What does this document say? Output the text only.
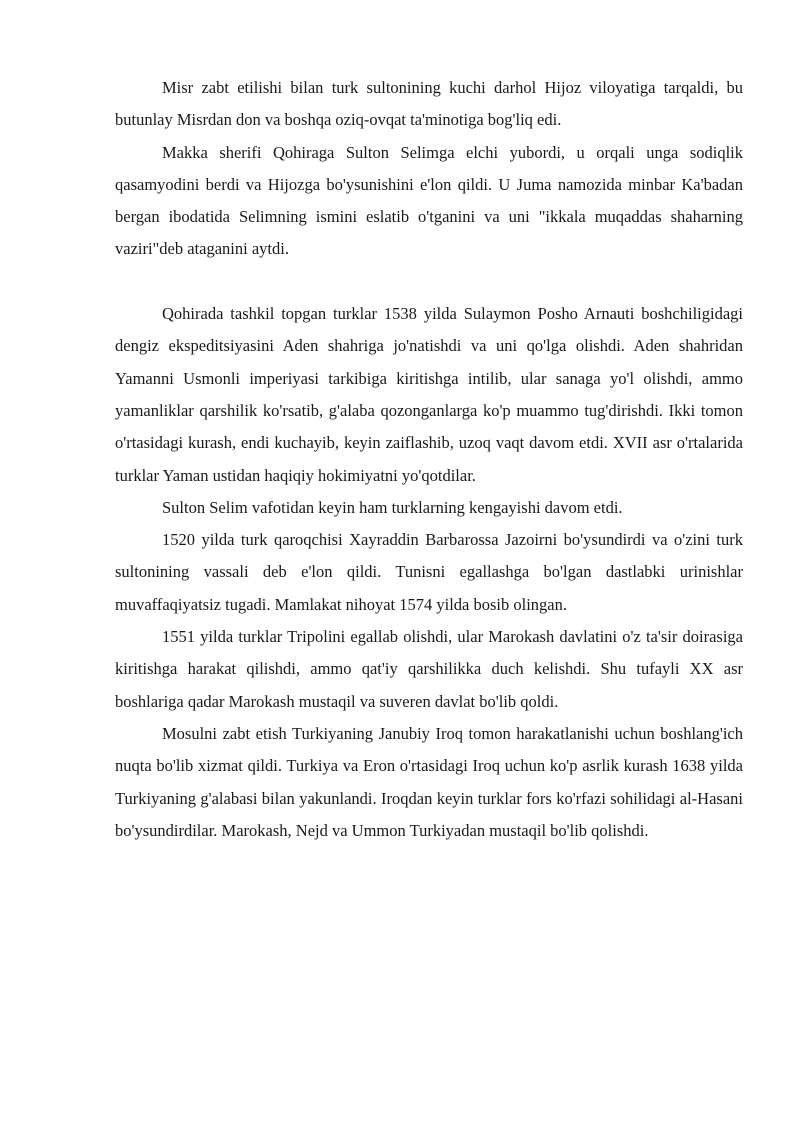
Misr zabt etilishi bilan turk sultonining kuchi darhol Hijoz viloyatiga tarqaldi, bu butunlay Misrdan don va boshqa oziq-ovqat ta'minotiga bog'liq edi.

Makka sherifi Qohiraga Sulton Selimga elchi yubordi, u orqali unga sodiqlik qasamyodini berdi va Hijozga bo'ysunishini e'lon qildi. U Juma namozida minbar Ka'badan bergan ibodatida Selimning ismini eslatib o'tganini va uni "ikkala muqaddas shaharning vaziri"deb ataganini aytdi.

Qohirada tashkil topgan turklar 1538 yilda Sulaymon Posho Arnauti boshchiligidagi dengiz ekspeditsiyasini Aden shahriga jo'natishdi va uni qo'lga olishdi. Aden shahridan Yamanni Usmonli imperiyasi tarkibiga kiritishga intilib, ular sanaga yo'l olishdi, ammo yamanliklar qarshilik ko'rsatib, g'alaba qozonganlarga ko'p muammo tug'dirishdi. Ikki tomon o'rtasidagi kurash, endi kuchayib, keyin zaiflashib, uzoq vaqt davom etdi. XVII asr o'rtalarida turklar Yaman ustidan haqiqiy hokimiyatni yo'qotdilar.

Sulton Selim vafotidan keyin ham turklarning kengayishi davom etdi.

1520 yilda turk qaroqchisi Xayraddin Barbarossa Jazoirni bo'ysundirdi va o'zini turk sultonining vassali deb e'lon qildi. Tunisni egallashga bo'lgan dastlabki urinishlar muvaffaqiyatsiz tugadi. Mamlakat nihoyat 1574 yilda bosib olingan.

1551 yilda turklar Tripolini egallab olishdi, ular Marokash davlatini o'z ta'sir doirasiga kiritishga harakat qilishdi, ammo qat'iy qarshilikka duch kelishdi. Shu tufayli XX asr boshlariga qadar Marokash mustaqil va suveren davlat bo'lib qoldi.

Mosulni zabt etish Turkiyaning Janubiy Iroq tomon harakatlanishi uchun boshlang'ich nuqta bo'lib xizmat qildi. Turkiya va Eron o'rtasidagi Iroq uchun ko'p asrlik kurash 1638 yilda Turkiyaning g'alabasi bilan yakunlandi. Iroqdan keyin turklar fors ko'rfazi sohilidagi al-Hasani bo'ysundirdilar. Marokash, Nejd va Ummon Turkiyadan mustaqil bo'lib qolishdi.
